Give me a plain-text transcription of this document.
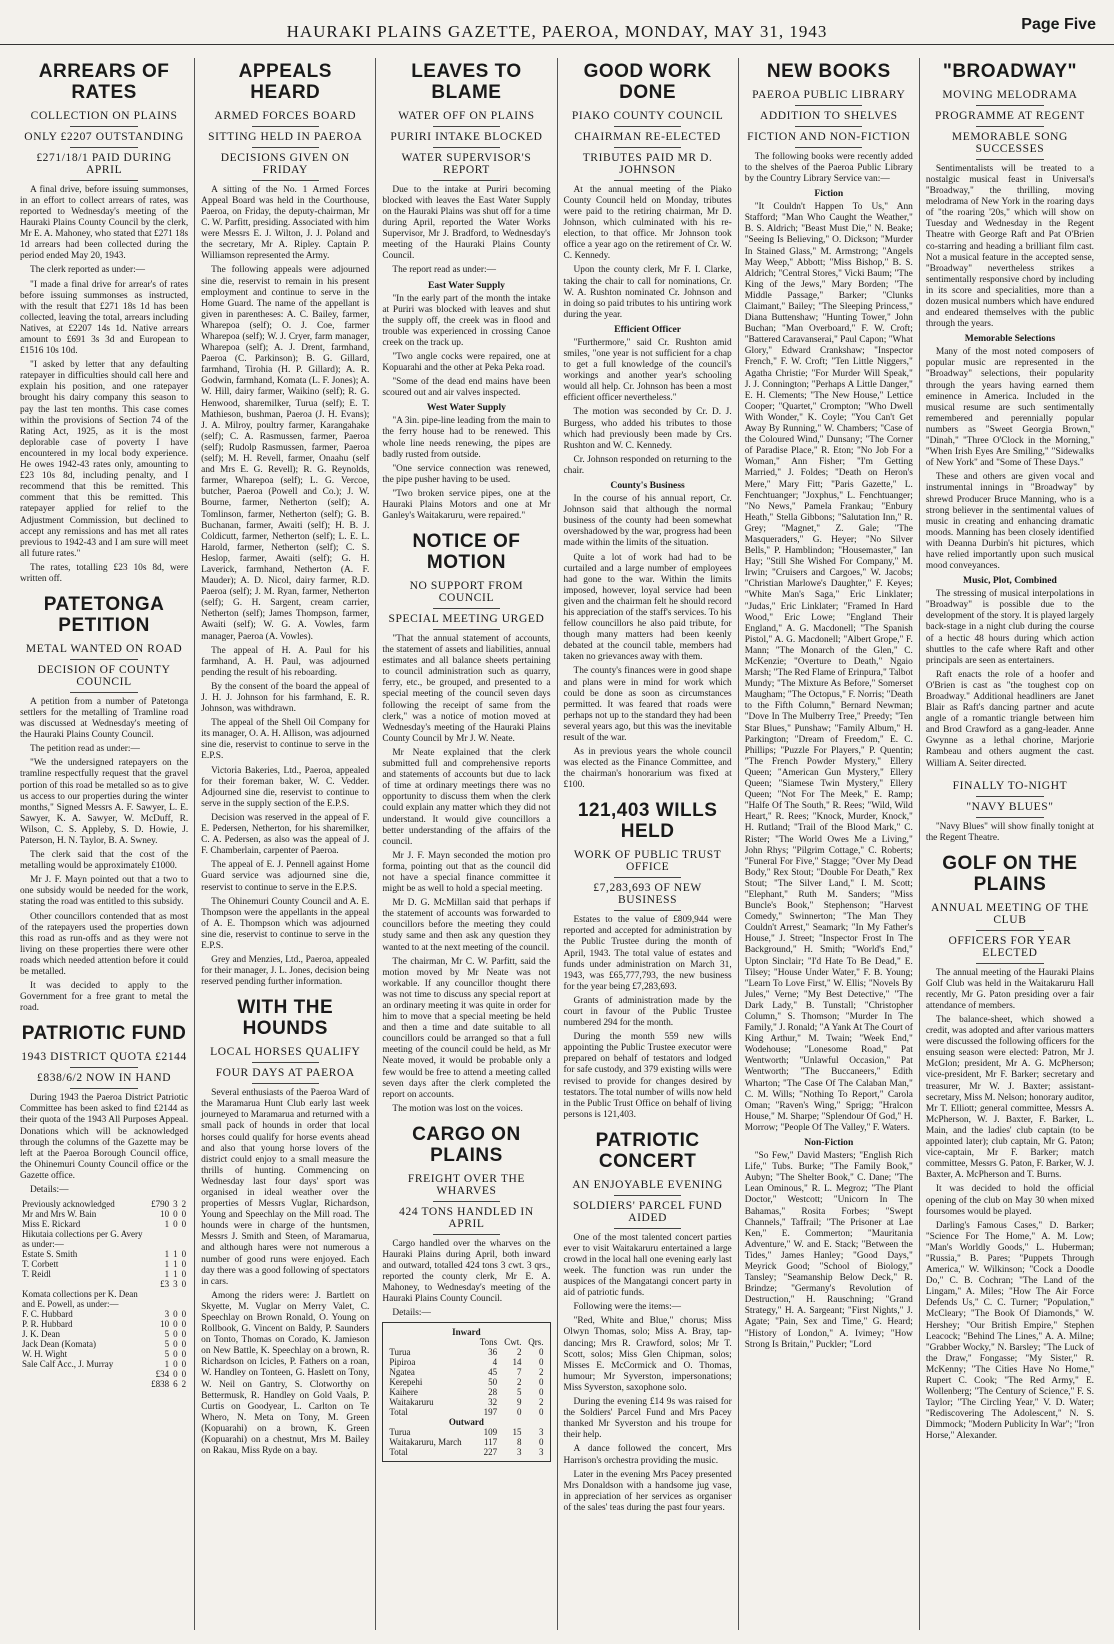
HAURAKI PLAINS GAZETTE, PAEROA, MONDAY, MAY 31, 1943	Page Five
ARREARS OF RATES
COLLECTION ON PLAINS
ONLY £2207 OUTSTANDING
£271/18/1 PAID DURING APRIL

A final drive, before issuing summonses, in an effort to collect arrears of rates, was reported to Wednesday's meeting of the Hauraki Plains County Council by the clerk, Mr E. A. Mahoney, who stated that £271 18s 1d arrears had been collected during the period ended May 20, 1943.

The clerk reported as under:—

"I made a final drive for arrear's of rates before issuing summonses as instructed, with the result that £271 18s 1d has been collected, leaving the total, arrears including Natives, at £2207 14s 1d. Native arrears amount to £691 3s 3d and European to £1516 10s 10d.

"I asked by letter that any defaulting ratepayer in difficulties should call here and explain his position, and one ratepayer brought his dairy company this season to pay the last ten months. This case comes within the provisions of Section 74 of the Rating Act, 1925, as it is the most deplorable case of poverty I have encountered in my local body experience. He owes 1942-43 rates only, amounting to £23 10s 8d, including penalty, and I recommend that this be remitted. This comment that this be remitted. This ratepayer applied for relief to the Adjustment Commission, but declined to accept any remissions and has met all rates previous to 1942-43 and I am sure will meet all future rates."

The rates, totalling £23 10s 8d, were written off.

PATETONGA PETITION
METAL WANTED ON ROAD
DECISION OF COUNTY COUNCIL

A petition from a number of Patetonga settlers for the metalling of Tramline road was discussed at Wednesday's meeting of the Hauraki Plains County Council.

The petition read as under:—

"We the undersigned ratepayers on the tramline respectfully request that the gravel portion of this road be metalled so as to give us access to our properties during the winter months," Signed Messrs A. F. Sawyer, L. E. Sawyer, K. A. Sawyer, W. McDuff, R. Wilson, C. S. Appleby, S. D. Howie, J. Paterson, H. N. Taylor, B. A. Swney.

The clerk said that the cost of the metalling would be approximately £1000.

Mr J. F. Mayn pointed out that a two to one subsidy would be needed for the work, stating the road was entitled to this subsidy.

Other councillors contended that as most of the ratepayers used the properties down this road as run-offs and as they were not living on these properties there were other roads which needed attention before it could be metalled.

It was decided to apply to the Government for a free grant to metal the road.

PATRIOTIC FUND
1943 DISTRICT QUOTA £2144
£838/6/2 NOW IN HAND

During 1943 the Paeroa District Patriotic Committee has been asked to find £2144 as their quota of the 1943 All Purposes Appeal. Donations which will be acknowledged through the columns of the Gazette may be left at the Paeroa Borough Council office, the Ohinemuri County Council office or the Gazette office.

Details:—

Previously acknowledged	£790	3	2
Mr and Mrs W. Bain	10	0	0
Miss E. Rickard	1	0	0
Hikutaia collections per G. Avery as under:—			
Estate S. Smith	1	1	0
T. Corbett	1	1	0
T. Reidl	1	1	0
	£3	3	0
Komata collections per K. Dean and E. Powell, as under:—			
F. C. Hubbard	3	0	0
P. R. Hubbard	10	0	0
J. K. Dean	5	0	0
Jack Dean (Komata)	5	0	0
W. H. Wight	5	0	0
Sale Calf Acc., J. Murray	1	0	0
	£34	0	0
	£838	6	2
APPEALS HEARD
ARMED FORCES BOARD
SITTING HELD IN PAEROA
DECISIONS GIVEN ON FRIDAY

A sitting of the No. 1 Armed Forces Appeal Board was held in the Courthouse, Paeroa, on Friday, the deputy-chairman, Mr C. W. Parfitt, presiding. Associated with him were Messrs E. J. Wilton, J. J. Poland and the secretary, Mr A. Ripley. Captain P. Williamson represented the Army.

The following appeals were adjourned sine die, reservist to remain in his present employment and continue to serve in the Home Guard. The name of the appellant is given in parentheses: A. C. Bailey, farmer, Wharepoa (self); O. J. Coe, farmer Wharepoa (self); W. J. Cryer, farm manager, Wharepoa (self); A. J. Drent, farmhand, Paeroa (C. Parkinson); B. G. Gillard, farmhand, Tirohia (H. P. Gillard); A. R. Godwin, farmhand, Komata (L. F. Jones); A. W. Hill, dairy farmer, Waikino (self); R. G. Henwood, sharemilker, Turua (self); E. T. Mathieson, bushman, Paeroa (J. H. Evans); J. A. Milroy, poultry farmer, Karangahake (self); C. A. Rasmussen, farmer, Paeroa (self); Rudolp Rasmussen, farmer, Paeroa (self); M. H. Revell, farmer, Onaahu (self and Mrs E. G. Revell); R. G. Reynolds, farmer, Wharepoa (self); L. G. Vercoe, butcher, Paeroa (Powell and Co.); J. W. Bourne, farmer, Netherton (self); A. Tomlinson, farmer, Netherton (self); G. B. Buchanan, farmer, Awaiti (self); H. B. J. Coldicutt, farmer, Netherton (self); L. E. L. Harold, farmer, Netherton (self); C. S. Heslop, farmer, Awaiti (self); G. H. Laverick, farmhand, Netherton (A. F. Mauder); A. D. Nicol, dairy farmer, R.D. Paeroa (self); J. M. Ryan, farmer, Netherton (self); G. H. Sargent, cream carrier, Netherton (self); James Thompson, farmer, Awaiti (self); W. G. A. Vowles, farm manager, Paeroa (A. Vowles).

The appeal of H. A. Paul for his farmhand, A. H. Paul, was adjourned pending the result of his reboarding.

By the consent of the board the appeal of J. H. J. Johnson for his farmhand, E. R. Johnson, was withdrawn.

The appeal of the Shell Oil Company for its manager, O. A. H. Allison, was adjourned sine die, reservist to continue to serve in the E.P.S.

Victoria Bakeries, Ltd., Paeroa, appealed for their foreman baker, W. C. Vedder. Adjourned sine die, reservist to continue to serve in the supply section of the E.P.S.

Decision was reserved in the appeal of F. E. Pedersen, Netherton, for his sharemilker, C. A. Pedersen, as also was the appeal of J. F. Chamberlain, carpenter of Paeroa.

The appeal of E. J. Pennell against Home Guard service was adjourned sine die, reservist to continue to serve in the E.P.S.

The Ohinemuri County Council and A. E. Thompson were the appellants in the appeal of A. E. Thompson which was adjourned sine die, reservist to continue to serve in the E.P.S.

Grey and Menzies, Ltd., Paeroa, appealed for their manager, J. L. Jones, decision being reserved pending further information.

WITH THE HOUNDS
LOCAL HORSES QUALIFY
FOUR DAYS AT PAEROA

Several enthusiasts of the Paeroa Ward of the Maramarua Hunt Club early last week journeyed to Maramarua and returned with a small pack of hounds in order that local horses could qualify for horse events ahead and also that young horse lovers of the district could enjoy to a small measure the thrills of hunting. Commencing on Wednesday last four days' sport was organised in ideal weather over the properties of Messrs Vuglar, Richardson, Young and Speechlay on the Mill road. The hounds were in charge of the huntsmen, Messrs J. Smith and Steen, of Maramarua, and although hares were not numerous a number of good runs were enjoyed. Each day there was a good following of spectators in cars.

Among the riders were: J. Bartlett on Skyette, M. Vuglar on Merry Valet, C. Speechlay on Brown Ronald, O. Young on Rollbook, G. Vincent on Baldy, P. Saunders on Tonto, Thomas on Corado, K. Jamieson on New Battle, K. Speechlay on a brown, R. Richardson on Icicles, P. Fathers on a roan, W. Handley on Tonteen, G. Haslett on Tony, W. Neil on Gantry, S. Clotworthy on Bettermusk, R. Handley on Gold Vaals, P. Curtis on Goodyear, L. Carlton on Te Whero, N. Meta on Tony, M. Green (Kopuarahi) on a brown, K. Green (Kopuarahi) on a chestnut, Mrs M. Bailey on Rakau, Miss Ryde on a bay.

LEAVES TO BLAME
WATER OFF ON PLAINS
PURIRI INTAKE BLOCKED
WATER SUPERVISOR'S REPORT

Due to the intake at Puriri becoming blocked with leaves the East Water Supply on the Hauraki Plains was shut off for a time during April, reported the Water Works Supervisor, Mr J. Bradford, to Wednesday's meeting of the Hauraki Plains County Council.

The report read as under:—

East Water Supply

"In the early part of the month the intake at Puriri was blocked with leaves and shut the supply off, the creek was in flood and trouble was experienced in crossing Canoe creek on the track up.

"Two angle cocks were repaired, one at Kopuarahi and the other at Peka Peka road.

"Some of the dead end mains have been scoured out and air valves inspected.

West Water Supply

"A 3in. pipe-line leading from the main to the ferry house had to be renewed. This whole line needs renewing, the pipes are badly rusted from outside.

"One service connection was renewed, the pipe pusher having to be used.

"Two broken service pipes, one at the Hauraki Plains Motors and one at Mr Ganley's Waitakaruru, were repaired."

NOTICE OF MOTION
NO SUPPORT FROM COUNCIL
SPECIAL MEETING URGED

"That the annual statement of accounts, the statement of assets and liabilities, annual estimates and all balance sheets pertaining to council administration such as quarry, ferry, etc., be grouped, and presented to a special meeting of the council seven days following the receipt of same from the clerk," was a notice of motion moved at Wednesday's meeting of the Hauraki Plains County Council by Mr J. W. Neate.

Mr Neate explained that the clerk submitted full and comprehensive reports and statements of accounts but due to lack of time at ordinary meetings there was no opportunity to discuss them when the clerk could explain any matter which they did not understand. It would give councillors a better understanding of the affairs of the council.

Mr J. F. Mayn seconded the motion pro forma, pointing out that as the council did not have a special finance committee it might be as well to hold a special meeting.

Mr D. G. McMillan said that perhaps if the statement of accounts was forwarded to councillors before the meeting they could study same and then ask any question they wanted to at the next meeting of the council.

The chairman, Mr C. W. Parfitt, said the motion moved by Mr Neate was not workable. If any councillor thought there was not time to discuss any special report at an ordinary meeting it was quite in order for him to move that a special meeting be held and then a time and date suitable to all councillors could be arranged so that a full meeting of the council could be held, as Mr Neate moved, it would be probable only a few would be free to attend a meeting called seven days after the clerk completed the report on accounts.

The motion was lost on the voices.

CARGO ON PLAINS
FREIGHT OVER THE WHARVES
424 TONS HANDLED IN APRIL

Cargo handled over the wharves on the Hauraki Plains during April, both inward and outward, totalled 424 tons 3 cwt. 3 qrs., reported the county clerk, Mr E. A. Mahoney, to Wednesday's meeting of the Hauraki Plains County Council.

Details:—

Inward			
	Tons	Cwt.	Qrs.

Turua	36	2	0
Pipiroa	4	14	0
Ngatea	45	7	2
Kerepehi	50	2	0
Kaihere	28	5	0
Waitakaruru	32	9	2
Total	197	0	0
Outward			
Turua	109	15	3
Waitakaruru, March	117	8	0
Total	227	3	3
GOOD WORK DONE
PIAKO COUNTY COUNCIL
CHAIRMAN RE-ELECTED
TRIBUTES PAID MR D. JOHNSON

At the annual meeting of the Piako County Council held on Monday, tributes were paid to the retiring chairman, Mr D. Johnson, which culminated with his re-election, to that office. Mr Johnson took office a year ago on the retirement of Cr. W. C. Kennedy.

Upon the county clerk, Mr F. I. Clarke, taking the chair to call for nominations, Cr. W. A. Rushton nominated Cr. Johnson and in doing so paid tributes to his untiring work during the year.

Efficient Officer

"Furthermore," said Cr. Rushton amid smiles, "one year is not sufficient for a chap to get a full knowledge of the council's workings and another year's schooling would all help. Cr. Johnson has been a most efficient officer nevertheless."

The motion was seconded by Cr. D. J. Burgess, who added his tributes to those which had previously been made by Crs. Rushton and W. C. Kennedy.

Cr. Johnson responded on returning to the chair.

County's Business

In the course of his annual report, Cr. Johnson said that although the normal business of the county had been somewhat overshadowed by the war, progress had been made within the limits of the situation.

Quite a lot of work had had to be curtailed and a large number of employees had gone to the war. Within the limits imposed, however, loyal service had been given and the chairman felt he should record his appreciation of the staff's services. To his fellow councillors he also paid tribute, for though many matters had been keenly debated at the council table, members had taken no grievances away with them.

The county's finances were in good shape and plans were in mind for work which could be done as soon as circumstances permitted. It was feared that roads were perhaps not up to the standard they had been several years ago, but this was the inevitable result of the war.

As in previous years the whole council was elected as the Finance Committee, and the chairman's honorarium was fixed at £100.

121,403 WILLS HELD
WORK OF PUBLIC TRUST OFFICE
£7,283,693 OF NEW BUSINESS

Estates to the value of £809,944 were reported and accepted for administration by the Public Trustee during the month of April, 1943. The total value of estates and funds under administration on March 31, 1943, was £65,777,793, the new business for the year being £7,283,693.

Grants of administration made by the court in favour of the Public Trustee numbered 294 for the month.

During the month 559 new wills appointing the Public Trustee executor were prepared on behalf of testators and lodged for safe custody, and 379 existing wills were revised to provide for changes desired by testators. The total number of wills now held in the Public Trust Office on behalf of living persons is 121,403.

PATRIOTIC CONCERT
AN ENJOYABLE EVENING
SOLDIERS' PARCEL FUND AIDED

One of the most talented concert parties ever to visit Waitakaruru entertained a large crowd in the local hall one evening early last week. The function was run under the auspices of the Mangatangi concert party in aid of patriotic funds.

Following were the items:—

"Red, White and Blue," chorus; Miss Olwyn Thomas, solo; Miss A. Bray, tap-dancing; Mrs R. Crawford, solos; Mr T. Scott, solos; Miss Glen Chipman, solos; Misses E. McCormick and O. Thomas, humour; Mr Syverston, impersonations; Miss Syverston, saxophone solo.

During the evening £14 9s was raised for the Soldiers' Parcel Fund and Mrs Pacey thanked Mr Syverston and his troupe for their help.

A dance followed the concert, Mrs Harrison's orchestra providing the music.

Later in the evening Mrs Pacey presented Mrs Donaldson with a handsome jug vase, in appreciation of her services as organiser of the sales' teas during the past four years.

NEW BOOKS
PAEROA PUBLIC LIBRARY
ADDITION TO SHELVES
FICTION AND NON-FICTION

The following books were recently added to the shelves of the Paeroa Public Library by the Country Library Service van:—

Fiction

"It Couldn't Happen To Us," Ann Stafford; "Man Who Caught the Weather," B. S. Aldrich; "Beast Must Die," N. Beake; "Seeing Is Believing," O. Dickson; "Murder In Stained Glass," M. Armstrong; "Angels May Weep," Abbott; "Miss Bishop," B. S. Aldrich; "Central Stores," Vicki Baum; "The King of the Jews," Mary Borden; "The Middle Passage," Barker; "Clunks Claimant," Bailey; "The Sleeping Princess," Diana Buttenshaw; "Hunting Tower," John Buchan; "Man Overboard," F. W. Croft; "Battered Caravanserai," Paul Capon; "What Glory," Edward Crankshaw; "Inspector French," F. W. Croft; "Ten Little Niggers," Agatha Christie; "For Murder Will Speak," J. J. Connington; "Perhaps A Little Danger," E. H. Clements; "The New House," Lettice Cooper; "Quartet," Crompton; "Who Dwell With Wonder," K. Coyle; "You Can't Get Away By Running," W. Chambers; "Case of the Coloured Wind," Dunsany; "The Corner of Paradise Place," R. Eton; "No Job For a Woman," Ann Fisher; "I'm Getting Married," J. Foldes; "Death on Heron's Mere," Mary Fitt; "Paris Gazette," L. Fenchtuanger; "Joxphus," L. Fenchtuanger; "No News," Pamela Frankau; "Enbury Heath," Stella Gibbons; "Salutation Inn," R. Grey; "Magnet," Z. Gale; "The Masqueraders," G. Heyer; "No Silver Bells," P. Hamblindon; "Housemaster," Ian Hay; "Still She Wished For Company," M. Irwin; "Cruisers and Cargoes," W. Jacobs; "Christian Marlowe's Daughter," F. Keyes; "White Man's Saga," Eric Linklater; "Judas," Eric Linklater; "Framed In Hard Wood," Eric Lowe; "England Their England," A. G. Macdonell; "The Spanish Pistol," A. G. Macdonell; "Albert Grope," F. Mann; "The Monarch of the Glen," C. McKenzie; "Overture to Death," Ngaio Marsh; "The Red Flame of Erinpura," Talbot Mundy; "The Mixture As Before," Somerset Maugham; "The Octopus," F. Norris; "Death to the Fifth Column," Bernard Newman; "Dove In The Mulberry Tree," Preedy; "Ten Star Blues," Punshaw; "Family Album," H. Parkington; "Dream of Freedom," E. C. Phillips; "Puzzle For Players," P. Quentin; "The French Powder Mystery," Ellery Queen; "American Gun Mystery," Ellery Queen; "Siamese Twin Mystery," Ellery Queen; "Not For The Meek," E. Ramp; "Halfe Of The South," R. Rees; "Wild, Wild Heart," R. Rees; "Knock, Murder, Knock," H. Rutland; "Trail of the Blood Mark," C. Rister; "The World Owes Me a Living," John Rhys; "Pilgrim Cottage," C. Roberts; "Funeral For Five," Stagge; "Over My Dead Body," Rex Stout; "Double For Death," Rex Stout; "The Silver Land," I. M. Scott; "Elephant," Ruth M. Sanders; "Miss Buncle's Book," Stephenson; "Harvest Comedy," Swinnerton; "The Man They Couldn't Arrest," Seamark; "In My Father's House," J. Street; "Inspector Frost In The Background," H. Smith; "World's End," Upton Sinclair; "I'd Hate To Be Dead," E. Tilsey; "House Under Water," F. B. Young; "Learn To Love First," W. Ellis; "Novels By Jules," Verne; "My Best Detective," "The Dark Lady," B. Tunstall; "Christopher Column," S. Thomson; "Murder In The Family," J. Ronald; "A Yank At The Court of King Arthur," M. Twain; "Week End," Wodehouse; "Lonesome Road," Pat Wentworth; "Unlawful Occasion," Pat Wentworth; "The Buccaneers," Edith Wharton; "The Case Of The Calaban Man," C. M. Wills; "Nothing To Report," Carola Oman; "Raven's Wing," Sprigg; "Hralcon House," M. Sharpe; "Splendour Of God," H. Morrow; "People Of The Valley," F. Waters.

Non-Fiction

"So Few," David Masters; "English Rich Life," Tubs. Burke; "The Family Book," Aubyn; "The Shelter Book," C. Dane; "The Lean Ominous," R. L. Megroz; "The Plant Doctor," Westcott; "Unicorn In The Bahamas," Rosita Forbes; "Swept Channels," Taffrail; "The Prisoner at Lae Ken," E. Commerton; "Mauritania Adventure," W. and E. Stack; "Between the Tides," James Hanley; "Good Days," Meyrick Good; "School of Biology," Tansley; "Seamanship Below Deck," R. Brindze; "Germany's Revolution of Destruction," H. Rauschning; "Grand Strategy," H. A. Sargeant; "First Nights," J. Agate; "Pain, Sex and Time," G. Heard; "History of London," A. Ivimey; "How Strong Is Britain," Puckler; "Lord

"BROADWAY"
MOVING MELODRAMA
PROGRAMME AT REGENT
MEMORABLE SONG SUCCESSES

Sentimentalists will be treated to a nostalgic musical feast in Universal's "Broadway," the thrilling, moving melodrama of New York in the roaring days of "the roaring '20s," which will show on Tuesday and Wednesday in the Regent Theatre with George Raft and Pat O'Brien co-starring and heading a brilliant film cast. Not a musical feature in the accepted sense, "Broadway" nevertheless strikes a sentimentally responsive chord by including in its score and specialities, more than a dozen musical numbers which have endured and endeared themselves with the public through the years.

Memorable Selections

Many of the most noted composers of popular music are represented in the "Broadway" selections, their popularity through the years having earned them eminence in America. Included in the musical resume are such sentimentally remembered and perennially popular numbers as "Sweet Georgia Brown," "Dinah," "Three O'Clock in the Morning," "When Irish Eyes Are Smiling," "Sidewalks of New York" and "Some of These Days."

These and others are given vocal and instrumental innings in "Broadway" by shrewd Producer Bruce Manning, who is a strong believer in the sentimental values of music in creating and enhancing dramatic moods. Manning has been closely identified with Deanna Durbin's hit pictures, which have relied importantly upon such musical mood conveyances.

Music, Plot, Combined

The stressing of musical interpolations in "Broadway" is possible due to the development of the story. It is played largely back-stage in a night club during the course of a hectic 48 hours during which action shuttles to the cafe where Raft and other principals are seen as entertainers.

Raft enacts the role of a hoofer and O'Brien is cast as "the toughest cop on Broadway." Additional headliners are Janet Blair as Raft's dancing partner and acute angle of a romantic triangle between him and Brod Crawford as a gang-leader. Anne Gwynne as a lethal chorine, Marjorie Rambeau and others augment the cast. William A. Seiter directed.

FINALLY TO-NIGHT
"NAVY BLUES"

"Navy Blues" will show finally tonight at the Regent Theatre.

GOLF ON THE PLAINS
ANNUAL MEETING OF THE CLUB
OFFICERS FOR YEAR ELECTED

The annual meeting of the Hauraki Plains Golf Club was held in the Waitakaruru Hall recently, Mr G. Paton presiding over a fair attendance of members.

The balance-sheet, which showed a credit, was adopted and after various matters were discussed the following officers for the ensuing season were elected: Patron, Mr J. McGlon; president, Mr A. G. McPherson; vice-president, Mr F. Barker; secretary and treasurer, Mr W. J. Baxter; assistant-secretary, Miss M. Nelson; honorary auditor, Mr T. Elliott; general committee, Messrs A. McPherson, W. J. Baxter, F. Barker, L. Main, and the ladies' club captain (to be appointed later); club captain, Mr G. Paton; vice-captain, Mr F. Barker; match committee, Messrs G. Paton, F. Barker, W. J. Baxter, A. McPherson and T. Burns.

It was decided to hold the official opening of the club on May 30 when mixed foursomes would be played.

Darling's Famous Cases," D. Barker; "Science For The Home," A. M. Low; "Man's Worldly Goods," L. Huberman; "Russia," B. Pares; "Puppets Through America," W. Wilkinson; "Cock a Doodle Do," C. B. Cochran; "The Land of the Lingam," A. Miles; "How The Air Force Defends Us," C. C. Turner; "Population," McCleary; "The Book Of Diamonds," W. Hershey; "Our British Empire," Stephen Leacock; "Behind The Lines," A. A. Milne; "Grabber Wocky," N. Barsley; "The Luck of the Draw," Fongasse; "My Sister," R. McKenny; "The Cities Have No Home," Rupert C. Cook; "The Red Army," E. Wollenberg; "The Century of Science," F. S. Taylor; "The Circling Year," V. D. Water; "Rediscovering The Adolescent," N. S. Dimmock; "Modern Publicity In War"; "Iron Horse," Alexander.
